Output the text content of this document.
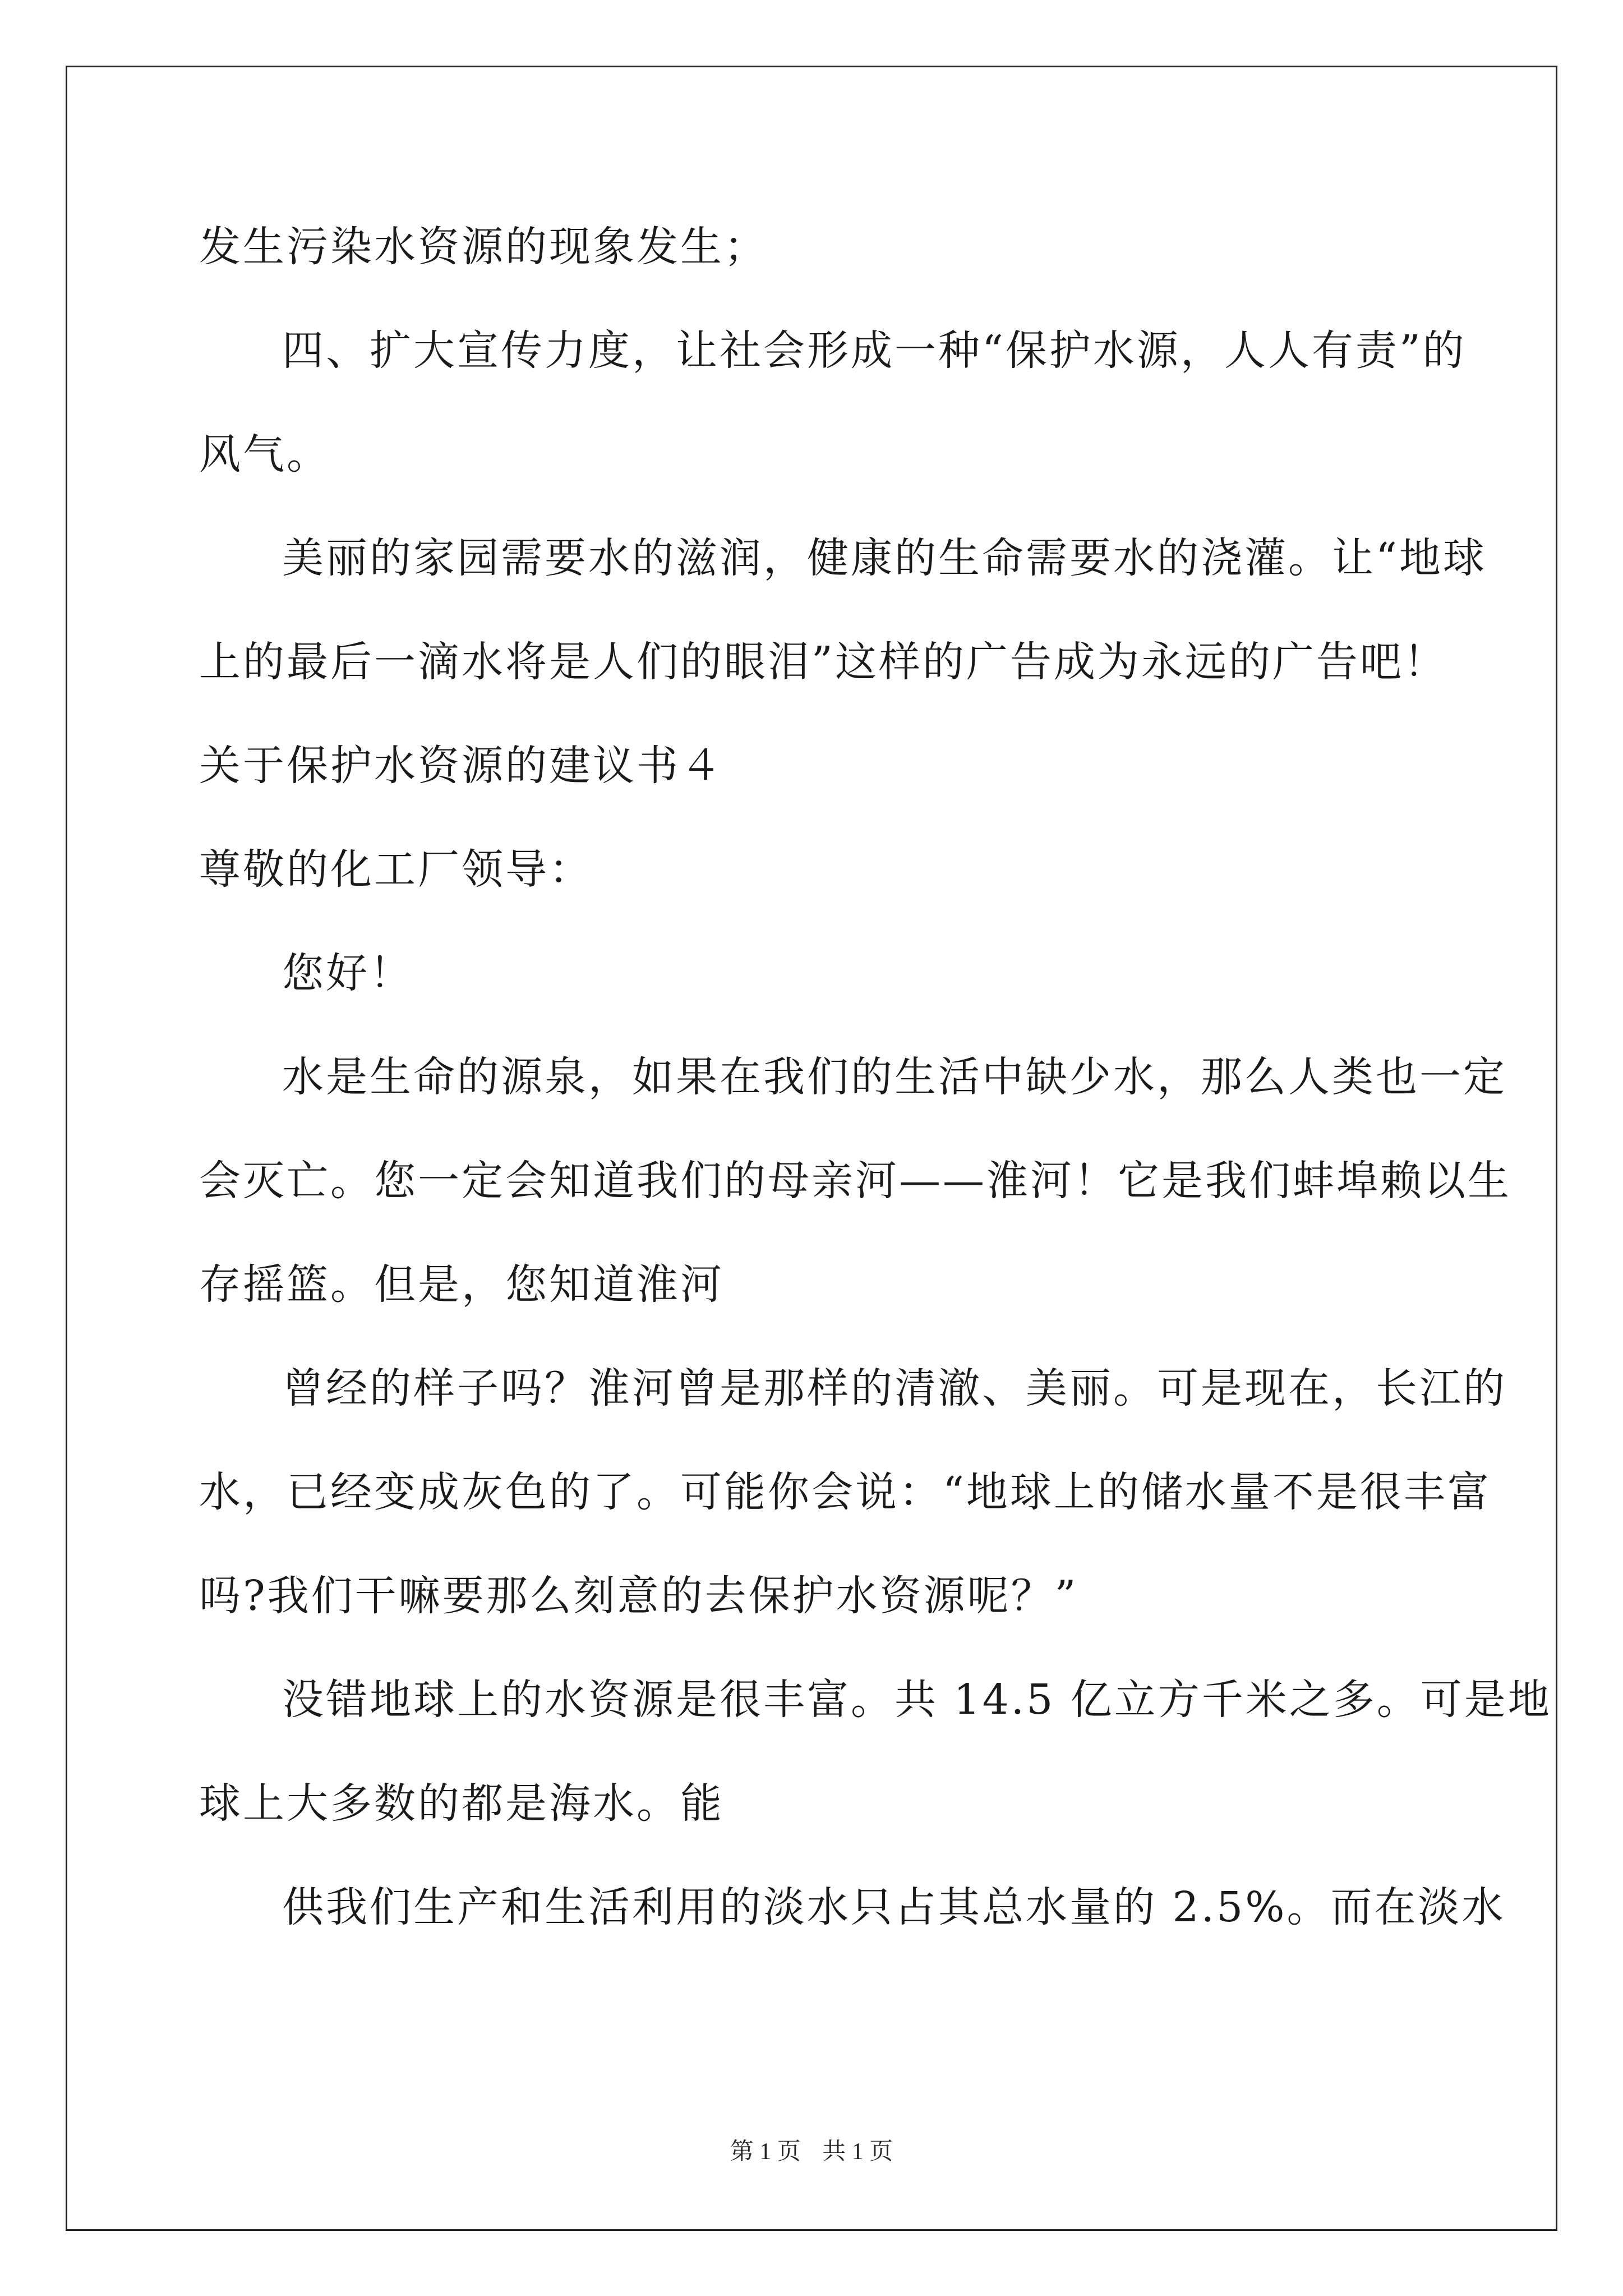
发生污染水资源的现象发生；
四、扩大宣传力度，让社会形成一种“保护水源，人人有责”的
风气。
美丽的家园需要水的滋润，健康的生命需要水的浇灌。让“地球
上的最后一滴水将是人们的眼泪”这样的广告成为永远的广告吧！
关于保护水资源的建议书４
尊敬的化工厂领导：
您好！
水是生命的源泉，如果在我们的生活中缺少水，那么人类也一定
会灭亡。您一定会知道我们的母亲河——淮河！它是我们蚌埠赖以生
存摇篮。但是，您知道淮河
曾经的样子吗？淮河曾是那样的清澈、美丽。可是现在，长江的
水，已经变成灰色的了。可能你会说：“地球上的储水量不是很丰富
吗?我们干嘛要那么刻意的去保护水资源呢？”
没错地球上的水资源是很丰富。共 14.5 亿立方千米之多。可是地
球上大多数的都是海水。能
供我们生产和生活利用的淡水只占其总水量的 2.5%。而在淡水
第 1 页 共 1 页
